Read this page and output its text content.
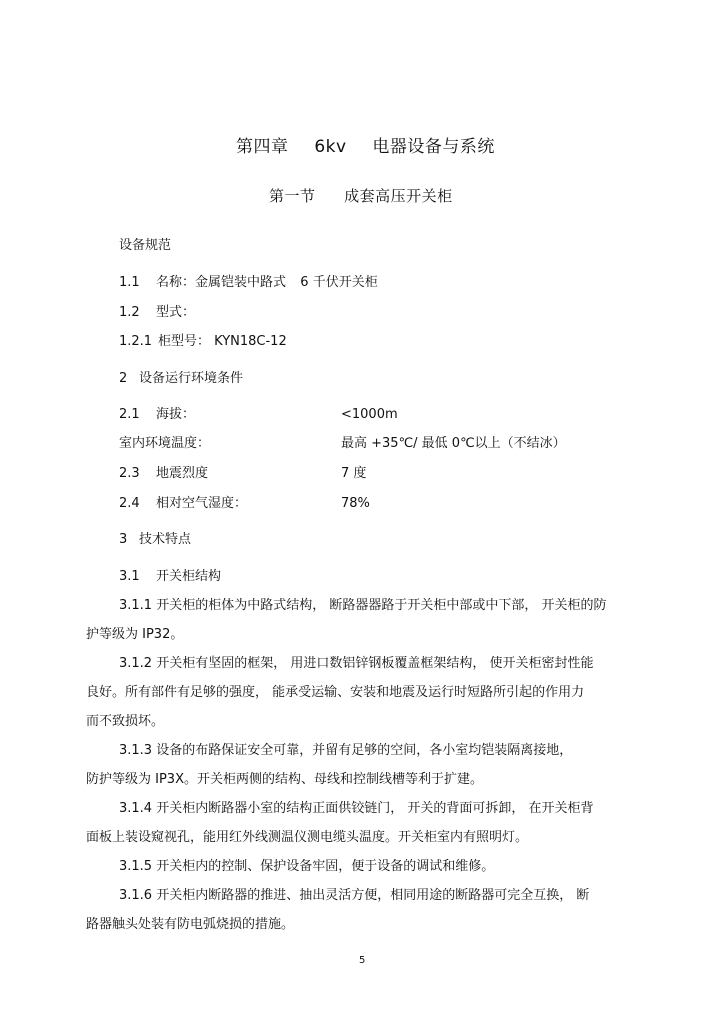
第四章 6kv 电器设备与系统
第一节 成套高压开关柜
设备规范
1.1 名称：金属铠装中路式 6 千伏开关柜
1.2 型式：
1.2.1 柜型号： KYN18C-12
2 设备运行环境条件
2.1 海拔：	<1000m
室内环境温度：	最高 +35℃/ 最低 0℃以上（不结冰）
2.3 地震烈度	7 度
2.4 相对空气湿度：	78%
3 技术特点
3.1 开关柜结构
3.1.1 开关柜的柜体为中路式结构， 断路器器路于开关柜中部或中下部， 开关柜的防
护等级为 IP32。
3.1.2 开关柜有坚固的框架， 用进口数铝锌钢板覆盖框架结构， 使开关柜密封性能
良好。所有部件有足够的强度， 能承受运输、安装和地震及运行时短路所引起的作用力
而不致损坏。
3.1.3 设备的布路保证安全可靠，并留有足够的空间，各小室均铠装隔离接地，
防护等级为 IP3X。开关柜两侧的结构、母线和控制线槽等利于扩建。
3.1.4 开关柜内断路器小室的结构正面供铰链门， 开关的背面可拆卸， 在开关柜背
面板上装设窥视孔，能用红外线测温仪测电缆头温度。开关柜室内有照明灯。
3.1.5 开关柜内的控制、保护设备牢固，便于设备的调试和维修。
3.1.6 开关柜内断路器的推进、抽出灵活方便，相同用途的断路器可完全互换， 断
路器触头处装有防电弧烧损的措施。
5
